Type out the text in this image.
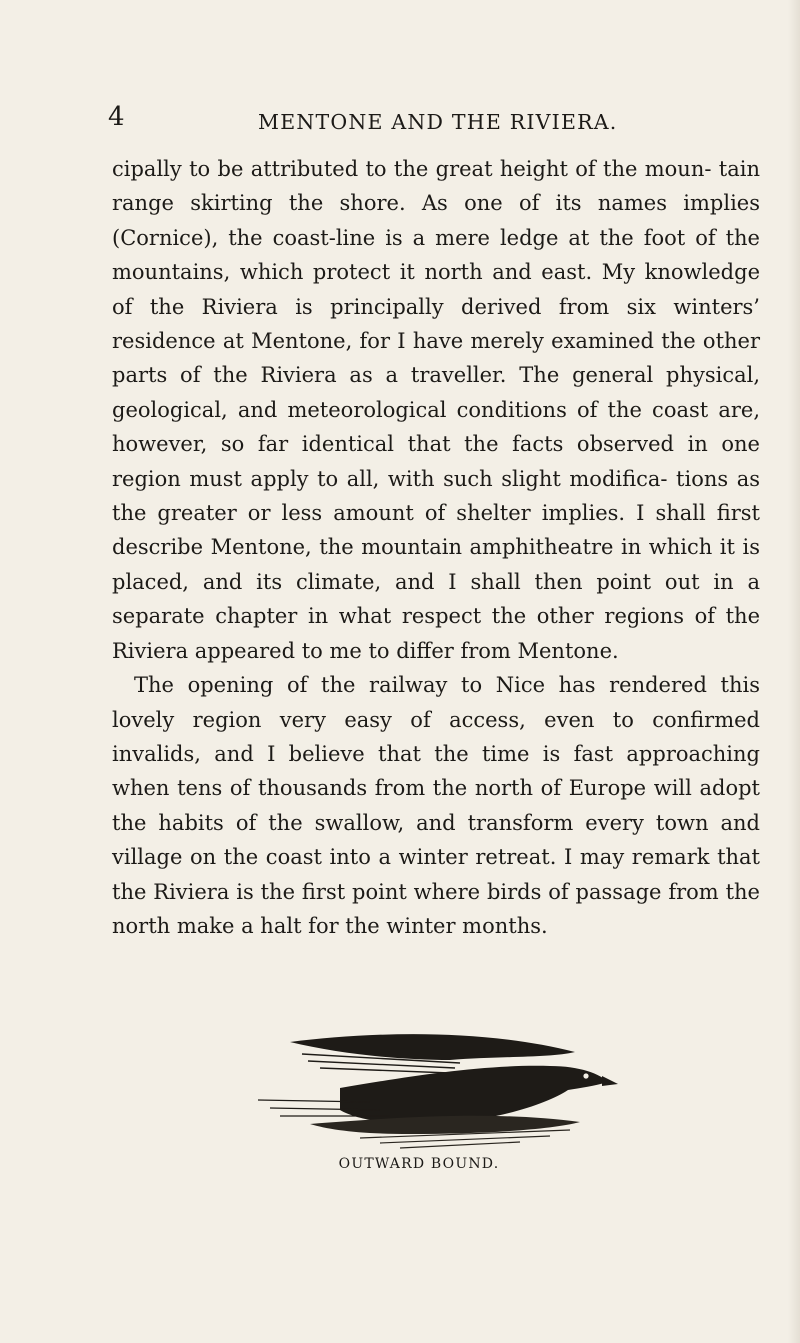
4	MENTONE AND THE RIVIERA.

cipally to be attributed to the great height of the moun- tain range skirting the shore. As one of its names implies (Cornice), the coast-line is a mere ledge at the foot of the mountains, which protect it north and east. My knowledge of the Riviera is principally derived from six winters’ residence at Mentone, for I have merely examined the other parts of the Riviera as a traveller. The general physical, geological, and meteorological conditions of the coast are, however, so far identical that the facts observed in one region must apply to all, with such slight modifica- tions as the greater or less amount of shelter implies. I shall first describe Mentone, the mountain amphitheatre in which it is placed, and its climate, and I shall then point out in a separate chapter in what respect the other regions of the Riviera appeared to me to differ from Mentone.

The opening of the railway to Nice has rendered this lovely region very easy of access, even to confirmed invalids, and I believe that the time is fast approaching when tens of thousands from the north of Europe will adopt the habits of the swallow, and transform every town and village on the coast into a winter retreat. I may remark that the Riviera is the first point where birds of passage from the north make a halt for the winter months.

OUTWARD BOUND.
